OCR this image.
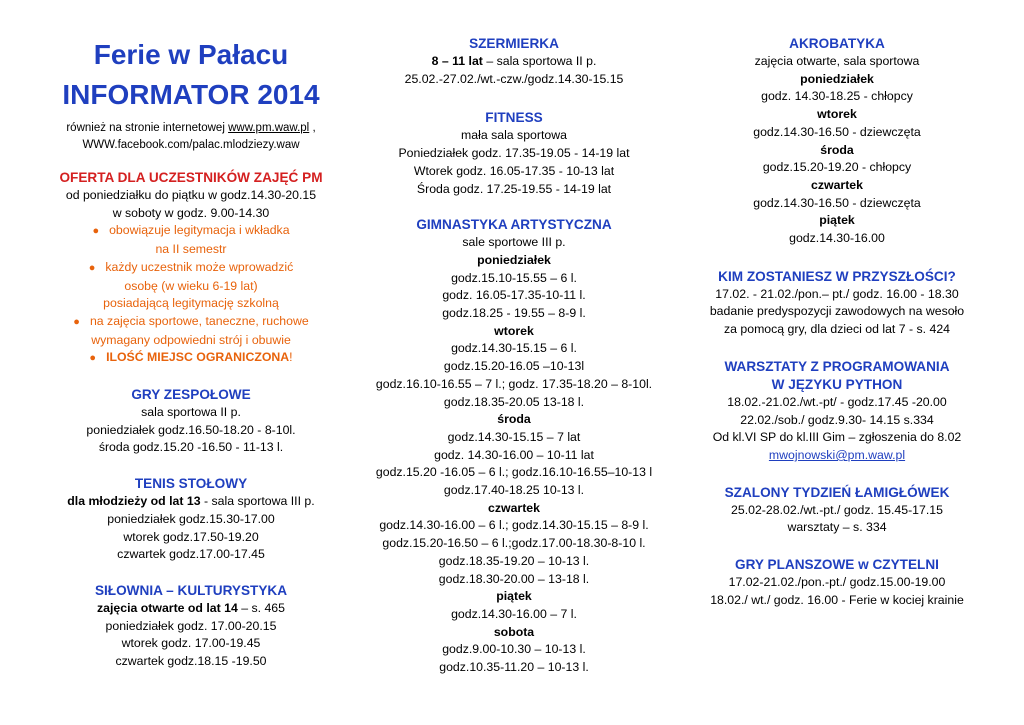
Ferie w Pałacu
INFORMATOR 2014
również na stronie internetowej www.pm.waw.pl ,
WWW.facebook.com/palac.mlodziezy.waw
OFERTA DLA UCZESTNIKÓW ZAJĘĆ PM
od poniedziałku do piątku w godz.14.30-20.15
w soboty w godz. 9.00-14.30
● obowiązuje legitymacja i wkładka
na II semestr
● każdy uczestnik może wprowadzić
osobę (w wieku 6-19 lat)
posiadającą legitymację szkolną
● na zajęcia sportowe, taneczne, ruchowe
wymagany odpowiedni strój i obuwie
● ILOŚĆ MIEJSC OGRANICZONA!
GRY ZESPOŁOWE
sala sportowa II p.
poniedziałek godz.16.50-18.20 - 8-10l.
środa godz.15.20 -16.50 - 11-13 l.
TENIS STOŁOWY
dla młodzieży od lat 13 - sala sportowa III p.
poniedziałek godz.15.30-17.00
wtorek godz.17.50-19.20
czwartek godz.17.00-17.45
SIŁOWNIA – KULTURYSTYKA
zajęcia otwarte od lat 14 – s. 465
poniedziałek godz. 17.00-20.15
wtorek godz. 17.00-19.45
czwartek godz.18.15 -19.50
SZERMIERKA
8 – 11 lat – sala sportowa II p.
25.02.-27.02./wt.-czw./godz.14.30-15.15
FITNESS
mała sala sportowa
Poniedziałek godz. 17.35-19.05 - 14-19 lat
Wtorek godz. 16.05-17.35 - 10-13 lat
Środa godz. 17.25-19.55 - 14-19 lat
GIMNASTYKA ARTYSTYCZNA
sale sportowe III p.
poniedziałek
godz.15.10-15.55 – 6 l.
godz. 16.05-17.35-10-11 l.
godz.18.25 - 19.55 – 8-9 l.
wtorek
godz.14.30-15.15 – 6 l.
godz.15.20-16.05 –10-13l
godz.16.10-16.55 – 7 l.; godz. 17.35-18.20 – 8-10l.
godz.18.35-20.05 13-18 l.
środa
godz.14.30-15.15 – 7 lat
godz. 14.30-16.00 – 10-11 lat
godz.15.20 -16.05 – 6 l.; godz.16.10-16.55–10-13 l
godz.17.40-18.25 10-13 l.
czwartek
godz.14.30-16.00 – 6 l.; godz.14.30-15.15 – 8-9 l.
godz.15.20-16.50 – 6 l.;godz.17.00-18.30-8-10 l.
godz.18.35-19.20 – 10-13 l.
godz.18.30-20.00 – 13-18 l.
piątek
godz.14.30-16.00 – 7 l.
sobota
godz.9.00-10.30 – 10-13 l.
godz.10.35-11.20 – 10-13 l.
AKROBATYKA
zajęcia otwarte, sala sportowa
poniedziałek
godz. 14.30-18.25 - chłopcy
wtorek
godz.14.30-16.50 - dziewczęta
środa
godz.15.20-19.20 - chłopcy
czwartek
godz.14.30-16.50 - dziewczęta
piątek
godz.14.30-16.00
KIM ZOSTANIESZ W PRZYSZŁOŚCI?
17.02. - 21.02./pon.– pt./ godz. 16.00 - 18.30
badanie predyspozycji zawodowych na wesoło
za pomocą gry, dla dzieci od lat 7 - s. 424
WARSZTATY Z PROGRAMOWANIA
W JĘZYKU PYTHON
18.02.-21.02./wt.-pt/ - godz.17.45 -20.00
22.02./sob./ godz.9.30- 14.15 s.334
Od kl.VI SP do kl.III Gim – zgłoszenia do 8.02
mwojnowski@pm.waw.pl
SZALONY TYDZIEŃ ŁAMIGŁÓWEK
25.02-28.02./wt.-pt./ godz. 15.45-17.15
warsztaty – s. 334
GRY PLANSZOWE w CZYTELNI
17.02-21.02./pon.-pt./ godz.15.00-19.00
18.02./ wt./ godz. 16.00 - Ferie w kociej krainie
